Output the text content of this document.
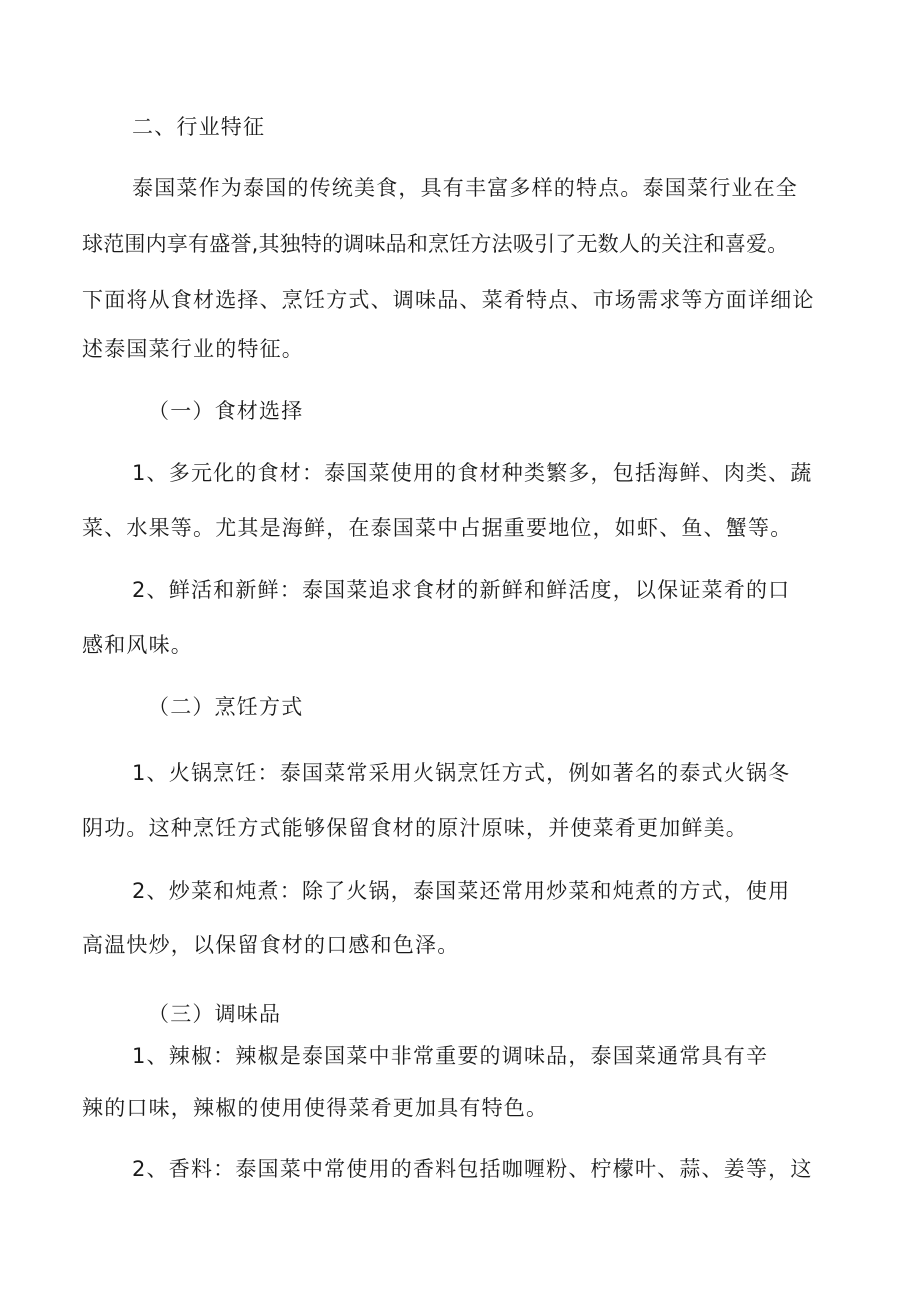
二、行业特征
泰国菜作为泰国的传统美食，具有丰富多样的特点。泰国菜行业在全
球范围内享有盛誉,其独特的调味品和烹饪方法吸引了无数人的关注和喜爱。
下面将从食材选择、烹饪方式、调味品、菜肴特点、市场需求等方面详细论
述泰国菜行业的特征。
（一）食材选择
1、多元化的食材：泰国菜使用的食材种类繁多，包括海鲜、肉类、蔬
菜、水果等。尤其是海鲜，在泰国菜中占据重要地位，如虾、鱼、蟹等。
2、鲜活和新鲜：泰国菜追求食材的新鲜和鲜活度，以保证菜肴的口
感和风味。
（二）烹饪方式
1、火锅烹饪：泰国菜常采用火锅烹饪方式，例如著名的泰式火锅冬
阴功。这种烹饪方式能够保留食材的原汁原味，并使菜肴更加鲜美。
2、炒菜和炖煮：除了火锅，泰国菜还常用炒菜和炖煮的方式，使用
高温快炒，以保留食材的口感和色泽。
（三）调味品
1、辣椒：辣椒是泰国菜中非常重要的调味品，泰国菜通常具有辛
辣的口味，辣椒的使用使得菜肴更加具有特色。
2、香料：泰国菜中常使用的香料包括咖喱粉、柠檬叶、蒜、姜等，这
